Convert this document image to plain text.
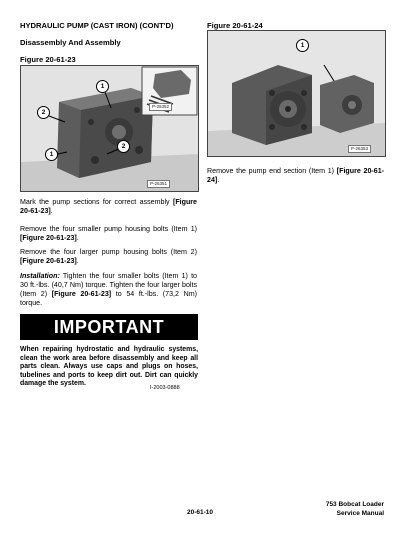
HYDRAULIC PUMP (CAST IRON) (CONT'D)
Disassembly And Assembly
Figure 20-61-23
Figure 20-61-24
P-26352
P-26351
1
2
1
2	P-26353
1
Remove the pump end section (Item 1) [Figure 20-61-24].
Mark the pump sections for correct assembly [Figure 20-61-23].
Remove the four smaller pump housing bolts (Item 1) [Figure 20-61-23].
Remove the four larger pump housing bolts (Item 2) [Figure 20-61-23].
Installation: Tighten the four smaller bolts (Item 1) to 30 ft.-lbs. (40,7 Nm) torque. Tighten the four larger bolts (Item 2) [Figure 20-61-23] to 54 ft.-lbs. (73,2 Nm) torque.
IMPORTANT
When repairing hydrostatic and hydraulic systems, clean the work area before disassembly and keep all parts clean. Always use caps and plugs on hoses, tubelines and ports to keep dirt out. Dirt can quickly damage the system.
I-2003-0888
20-61-10
753 Bobcat Loader
Service Manual
